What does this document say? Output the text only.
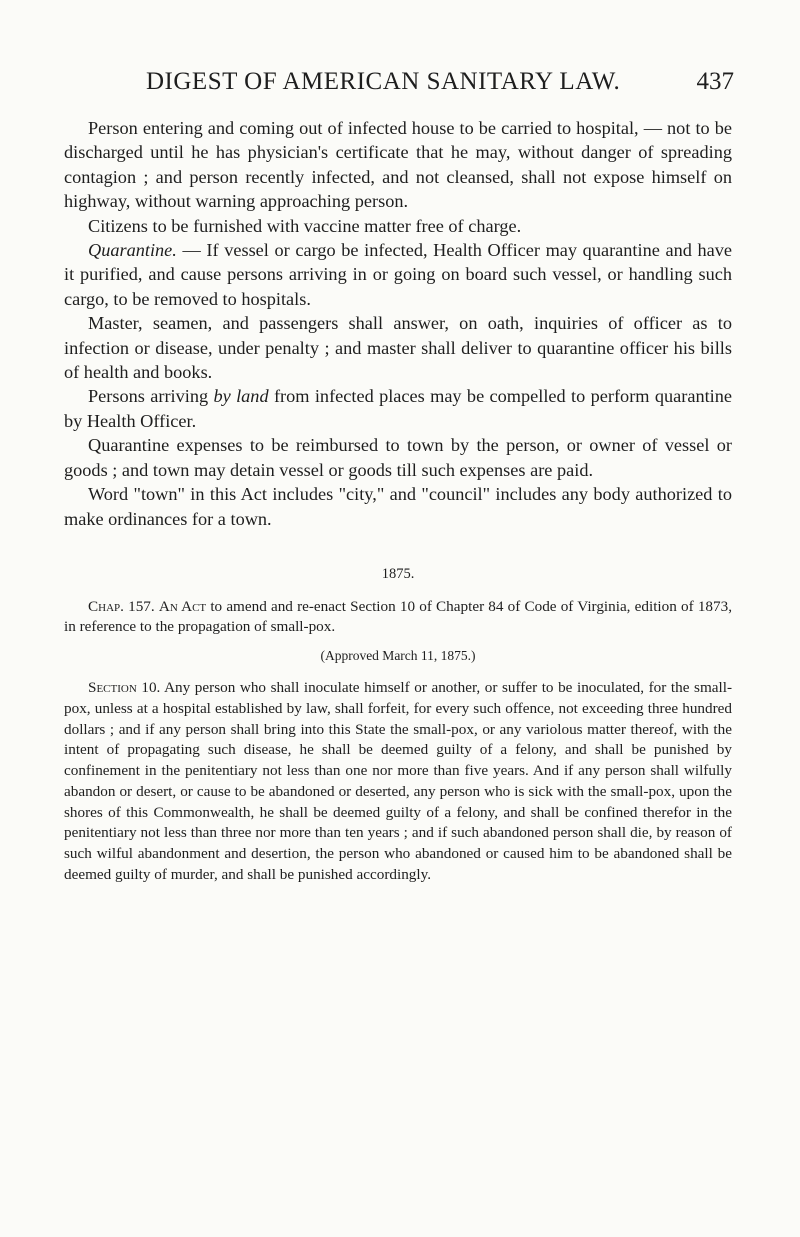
DIGEST OF AMERICAN SANITARY LAW.	437

Person entering and coming out of infected house to be carried to hospital, — not to be discharged until he has physician's certificate that he may, without danger of spreading contagion ; and person recently infected, and not cleansed, shall not expose himself on highway, without warning approaching person.

Citizens to be furnished with vaccine matter free of charge.

Quarantine. — If vessel or cargo be infected, Health Officer may quarantine and have it purified, and cause persons arriving in or going on board such vessel, or handling such cargo, to be removed to hospitals.

Master, seamen, and passengers shall answer, on oath, inquiries of officer as to infection or disease, under penalty ; and master shall deliver to quarantine officer his bills of health and books.

Persons arriving by land from infected places may be compelled to perform quarantine by Health Officer.

Quarantine expenses to be reimbursed to town by the person, or owner of vessel or goods ; and town may detain vessel or goods till such expenses are paid.

Word "town" in this Act includes "city," and "council" includes any body authorized to make ordinances for a town.

1875.

Chap. 157. An Act to amend and re-enact Section 10 of Chapter 84 of Code of Virginia, edition of 1873, in reference to the propagation of small-pox.

(Approved March 11, 1875.)

Section 10. Any person who shall inoculate himself or another, or suffer to be inoculated, for the small-pox, unless at a hospital established by law, shall forfeit, for every such offence, not exceeding three hundred dollars ; and if any person shall bring into this State the small-pox, or any variolous matter thereof, with the intent of propagating such disease, he shall be deemed guilty of a felony, and shall be punished by confinement in the penitentiary not less than one nor more than five years. And if any person shall wilfully abandon or desert, or cause to be abandoned or deserted, any person who is sick with the small-pox, upon the shores of this Commonwealth, he shall be deemed guilty of a felony, and shall be confined therefor in the penitentiary not less than three nor more than ten years ; and if such abandoned person shall die, by reason of such wilful abandonment and desertion, the person who abandoned or caused him to be abandoned shall be deemed guilty of murder, and shall be punished accordingly.
